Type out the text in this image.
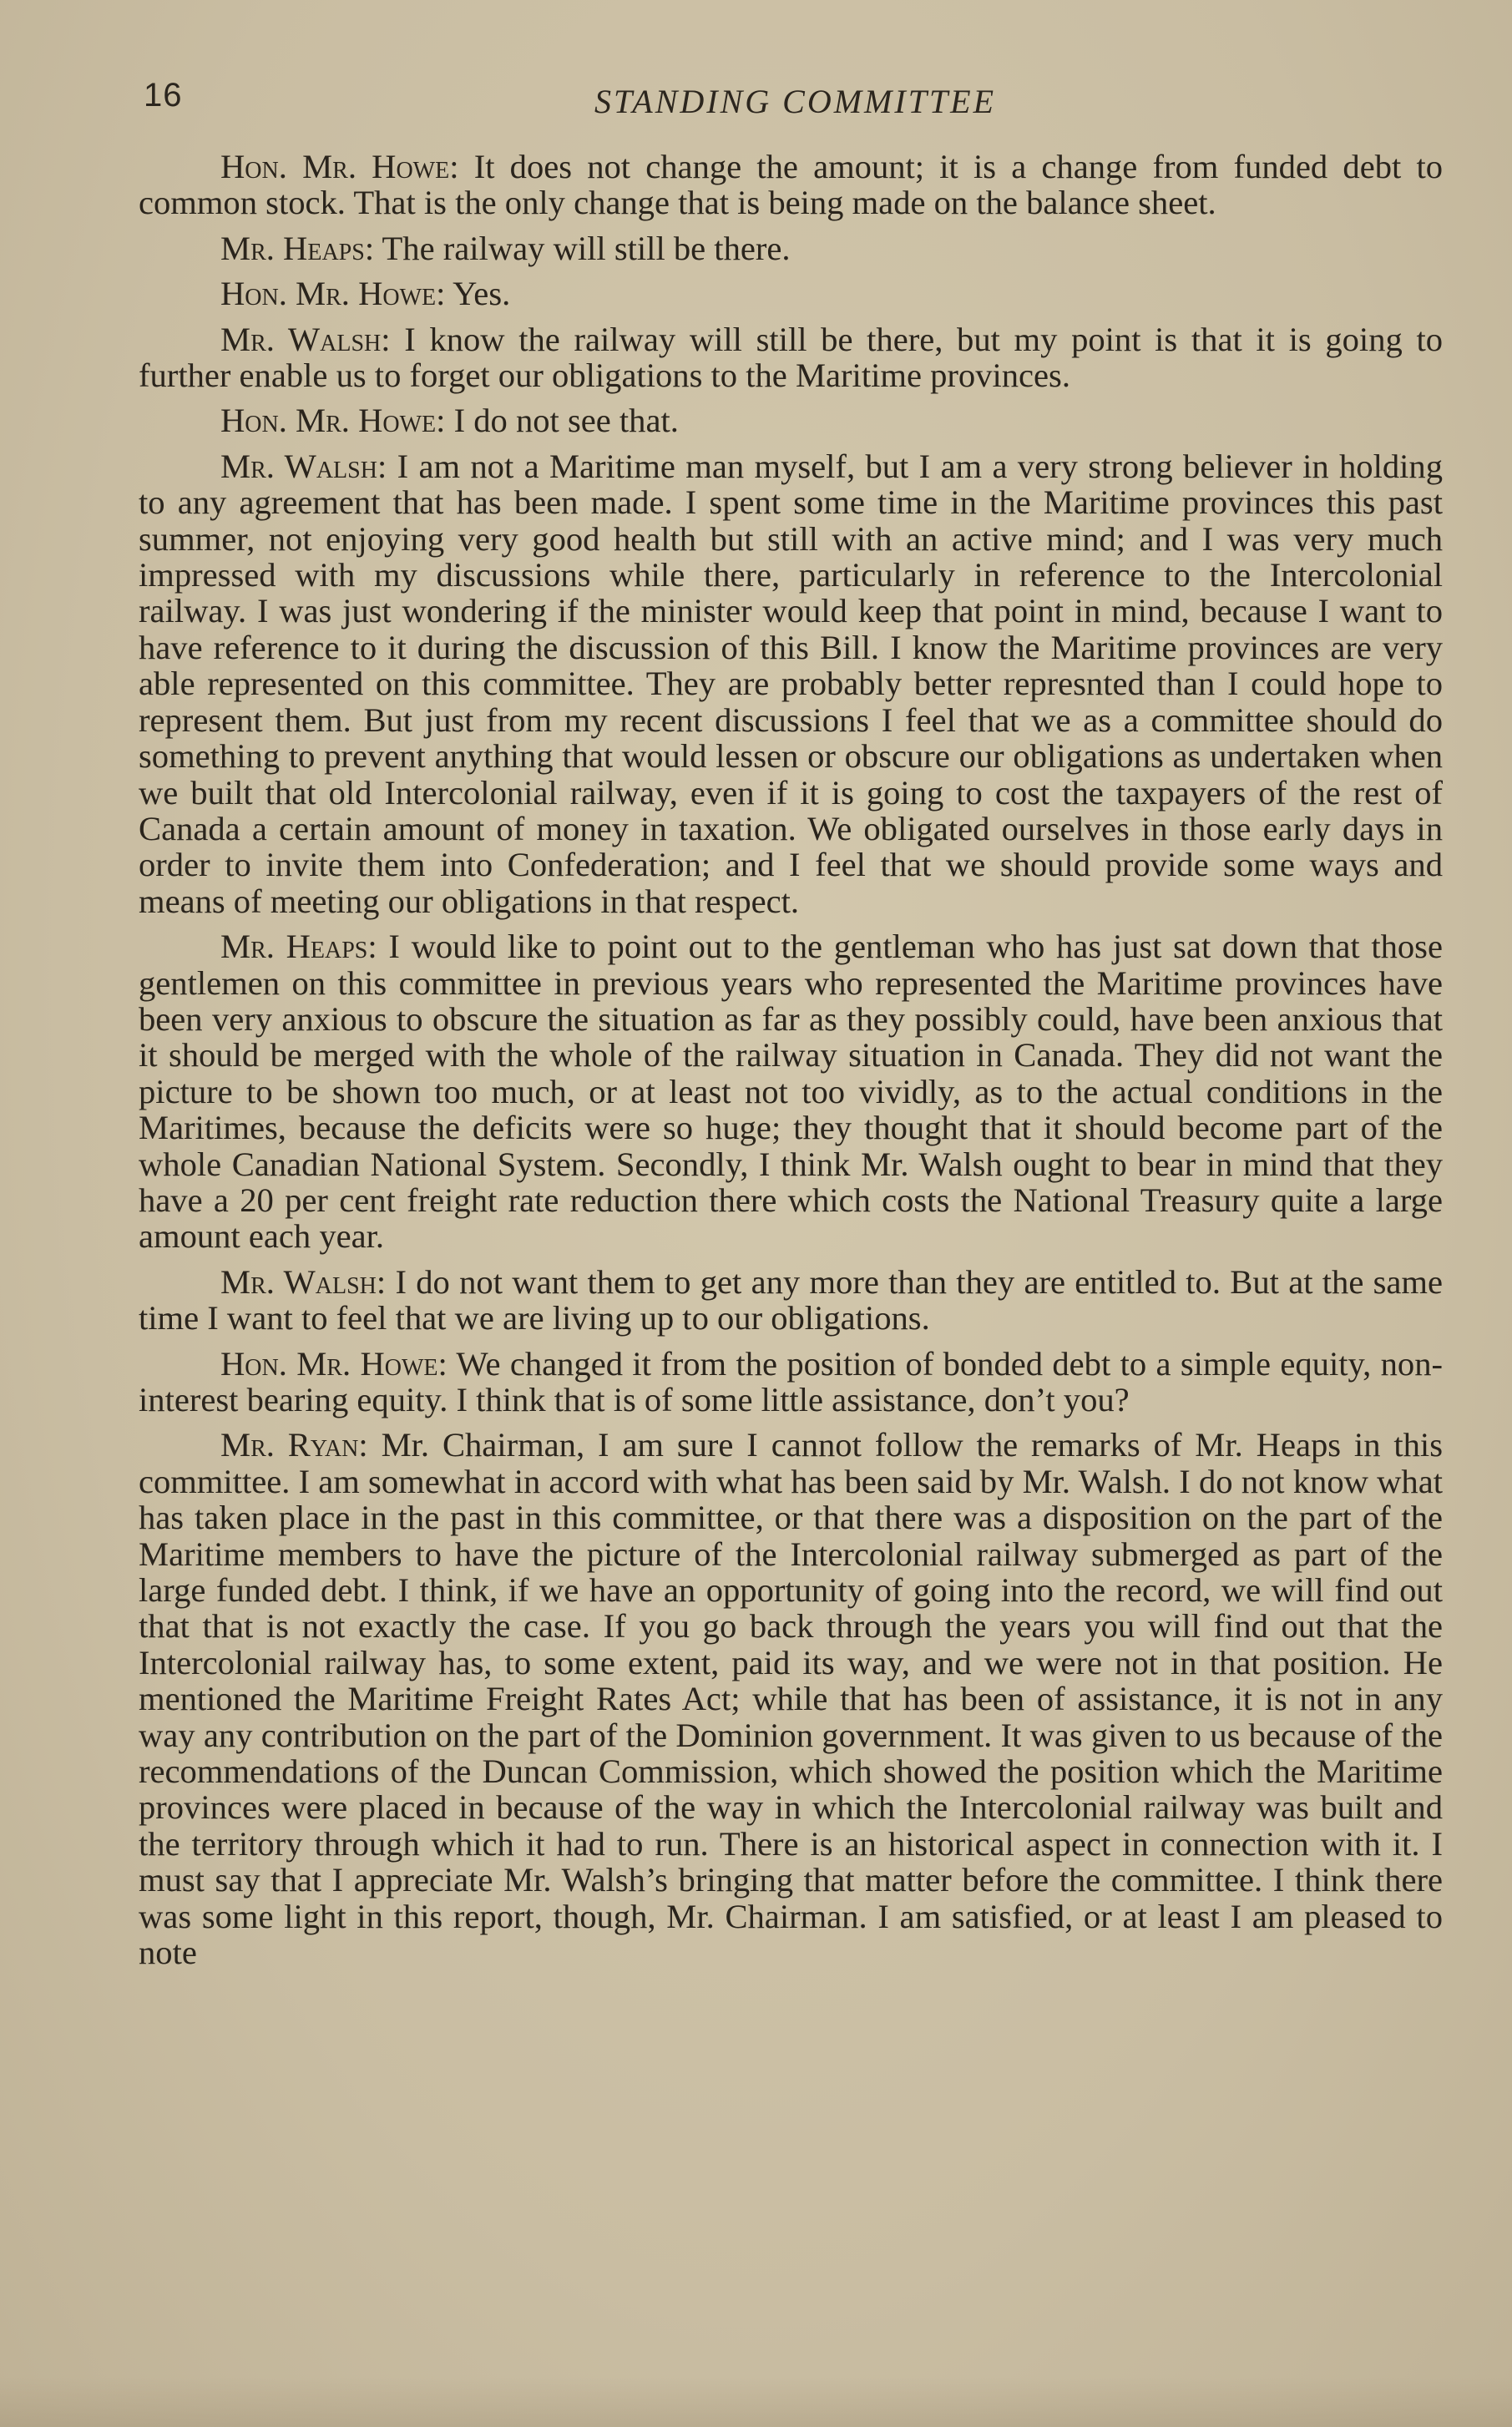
16	STANDING COMMITTEE

Hon. Mr. Howe: It does not change the amount; it is a change from funded debt to common stock. That is the only change that is being made on the balance sheet.

Mr. Heaps: The railway will still be there.

Hon. Mr. Howe: Yes.

Mr. Walsh: I know the railway will still be there, but my point is that it is going to further enable us to forget our obligations to the Maritime provinces.

Hon. Mr. Howe: I do not see that.

Mr. Walsh: I am not a Maritime man myself, but I am a very strong believer in holding to any agreement that has been made. I spent some time in the Maritime provinces this past summer, not enjoying very good health but still with an active mind; and I was very much impressed with my discussions while there, particularly in reference to the Intercolonial railway. I was just wondering if the minister would keep that point in mind, because I want to have reference to it during the discussion of this Bill. I know the Maritime provinces are very able represented on this committee. They are probably better represnted than I could hope to represent them. But just from my recent discussions I feel that we as a committee should do something to prevent anything that would lessen or obscure our obligations as undertaken when we built that old Intercolonial railway, even if it is going to cost the taxpayers of the rest of Canada a certain amount of money in taxation. We obligated ourselves in those early days in order to invite them into Confederation; and I feel that we should provide some ways and means of meeting our obligations in that respect.

Mr. Heaps: I would like to point out to the gentleman who has just sat down that those gentlemen on this committee in previous years who represented the Maritime provinces have been very anxious to obscure the situation as far as they possibly could, have been anxious that it should be merged with the whole of the railway situation in Canada. They did not want the picture to be shown too much, or at least not too vividly, as to the actual conditions in the Maritimes, because the deficits were so huge; they thought that it should become part of the whole Canadian National System. Secondly, I think Mr. Walsh ought to bear in mind that they have a 20 per cent freight rate reduction there which costs the National Treasury quite a large amount each year.

Mr. Walsh: I do not want them to get any more than they are entitled to. But at the same time I want to feel that we are living up to our obligations.

Hon. Mr. Howe: We changed it from the position of bonded debt to a simple equity, non-interest bearing equity. I think that is of some little assistance, don’t you?

Mr. Ryan: Mr. Chairman, I am sure I cannot follow the remarks of Mr. Heaps in this committee. I am somewhat in accord with what has been said by Mr. Walsh. I do not know what has taken place in the past in this committee, or that there was a disposition on the part of the Maritime members to have the picture of the Intercolonial railway submerged as part of the large funded debt. I think, if we have an opportunity of going into the record, we will find out that that is not exactly the case. If you go back through the years you will find out that the Intercolonial railway has, to some extent, paid its way, and we were not in that position. He mentioned the Maritime Freight Rates Act; while that has been of assistance, it is not in any way any contribution on the part of the Dominion government. It was given to us because of the recommendations of the Duncan Commission, which showed the position which the Maritime provinces were placed in because of the way in which the Intercolonial railway was built and the territory through which it had to run. There is an historical aspect in connection with it. I must say that I appreciate Mr. Walsh’s bringing that matter before the committee. I think there was some light in this report, though, Mr. Chairman. I am satisfied, or at least I am pleased to note
